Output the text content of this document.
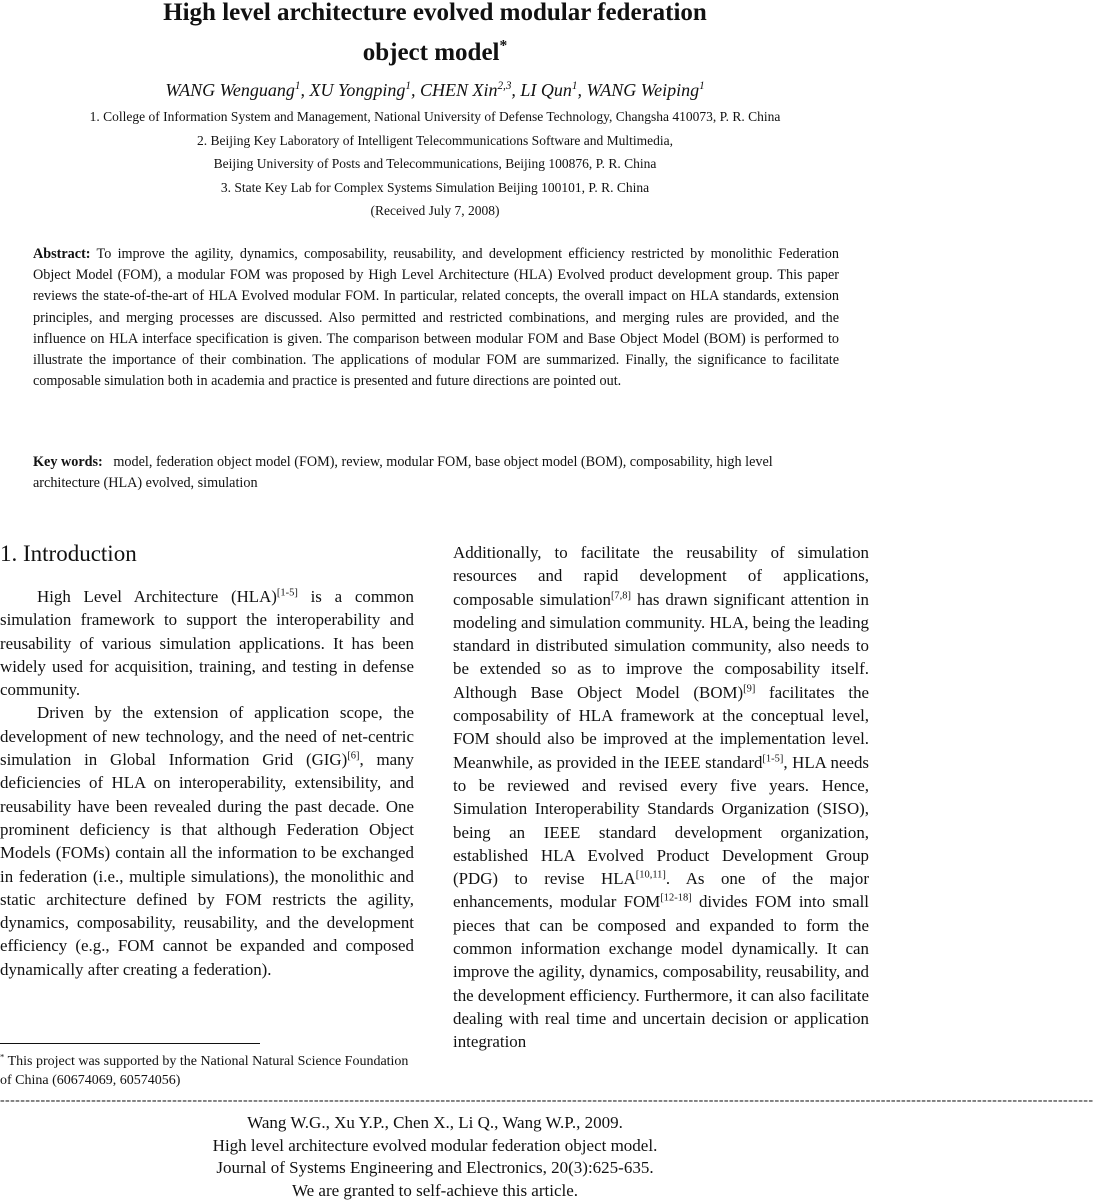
High level architecture evolved modular federation
object model*
WANG Wenguang$^1$, XU Yongping$^1$, CHEN Xin$^{2,3}$, LI Qun$^1$, WANG Weiping$^1$
1. College of Information System and Management, National University of Defense Technology, Changsha 410073, P. R. China
2. Beijing Key Laboratory of Intelligent Telecommunications Software and Multimedia,
Beijing University of Posts and Telecommunications, Beijing 100876, P. R. China
3. State Key Lab for Complex Systems Simulation Beijing 100101, P. R. China
(Received July 7, 2008)
Abstract: To improve the agility, dynamics, composability, reusability, and development efficiency restricted by monolithic Federation Object Model (FOM), a modular FOM was proposed by High Level Architecture (HLA) Evolved product development group. This paper reviews the state-of-the-art of HLA Evolved modular FOM. In particular, related concepts, the overall impact on HLA standards, extension principles, and merging processes are discussed. Also permitted and restricted combinations, and merging rules are provided, and the influence on HLA interface specification is given. The comparison between modular FOM and Base Object Model (BOM) is performed to illustrate the importance of their combination. The applications of modular FOM are summarized. Finally, the significance to facilitate composable simulation both in academia and practice is presented and future directions are pointed out.
Key words: model, federation object model (FOM), review, modular FOM, base object model (BOM), composability, high level architecture (HLA) evolved, simulation
1. Introduction

High Level Architecture (HLA)[1-5] is a common simulation framework to support the interoperability and reusability of various simulation applications. It has been widely used for acquisition, training, and testing in defense community.

Driven by the extension of application scope, the development of new technology, and the need of net-centric simulation in Global Information Grid (GIG)[6], many deficiencies of HLA on interoperability, extensibility, and reusability have been revealed during the past decade. One prominent deficiency is that although Federation Object Models (FOMs) contain all the information to be exchanged in federation (i.e., multiple simulations), the monolithic and static architecture defined by FOM restricts the agility, dynamics, composability, reusability, and the development efficiency (e.g., FOM cannot be expanded and composed dynamically after creating a federation).

Additionally, to facilitate the reusability of simulation resources and rapid development of applications, composable simulation[7,8] has drawn significant attention in modeling and simulation community. HLA, being the leading standard in distributed simulation community, also needs to be extended so as to improve the composability itself. Although Base Object Model (BOM)[9] facilitates the composability of HLA framework at the conceptual level, FOM should also be improved at the implementation level. Meanwhile, as provided in the IEEE standard[1-5], HLA needs to be reviewed and revised every five years. Hence, Simulation Interoperability Standards Organization (SISO), being an IEEE standard development organization, established HLA Evolved Product Development Group (PDG) to revise HLA[10,11]. As one of the major enhancements, modular FOM[12-18] divides FOM into small pieces that can be composed and expanded to form the common information exchange model dynamically. It can improve the agility, dynamics, composability, reusability, and the development efficiency. Furthermore, it can also facilitate dealing with real time and uncertain decision or application integration

* This project was supported by the National Natural Science Foundation of China (60674069, 60574056)
------------------------------------------------------------------------------------------------------------------------------------------------------------------------------------------------------------------------
Wang W.G., Xu Y.P., Chen X., Li Q., Wang W.P., 2009.
High level architecture evolved modular federation object model.
Journal of Systems Engineering and Electronics, 20(3):625-635.
We are granted to self-achieve this article.
